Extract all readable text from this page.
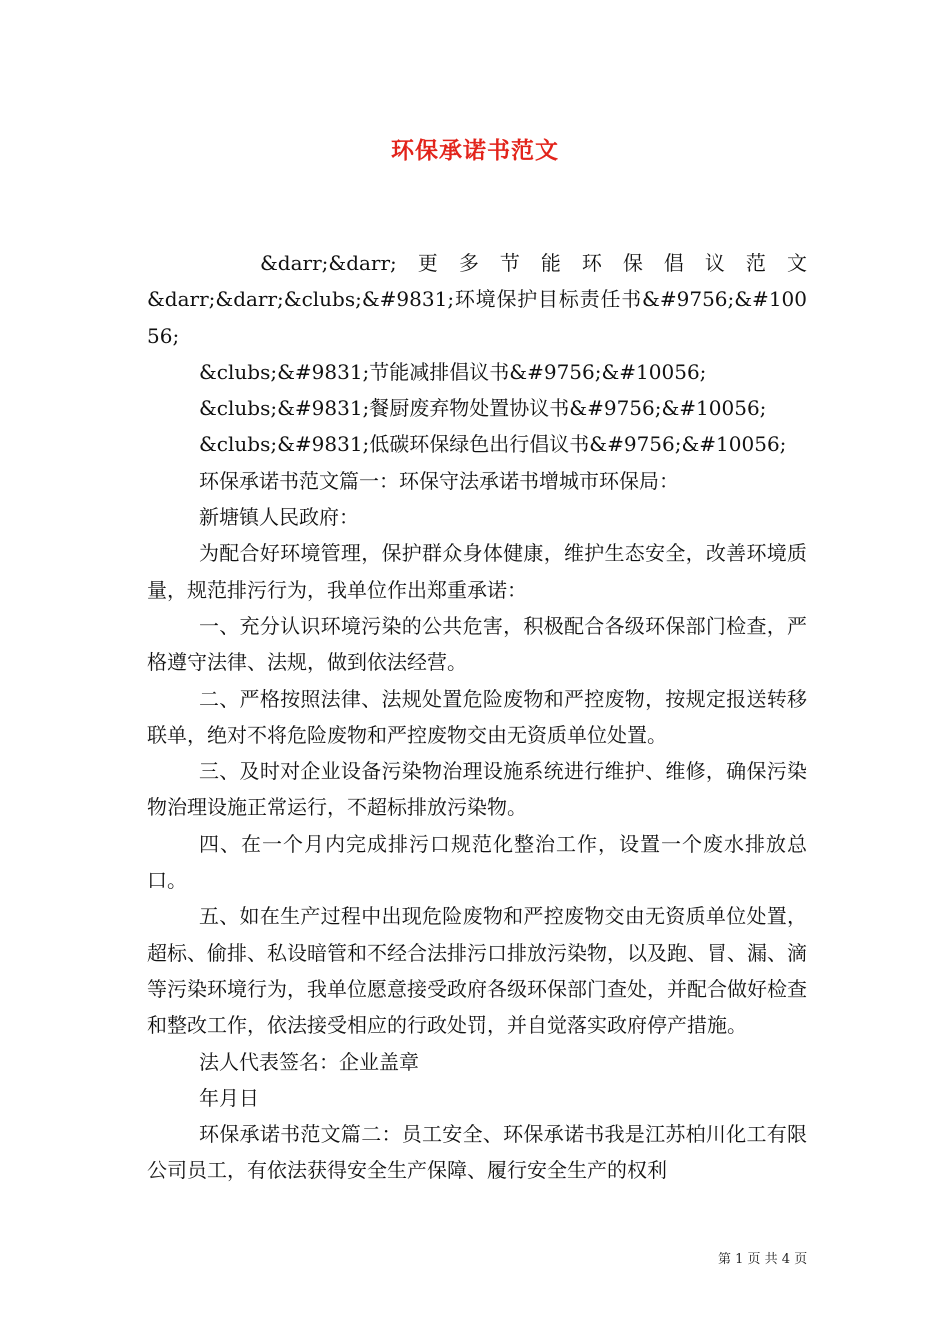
环保承诺书范文

&darr;&darr; 更 多 节 能 环 保 倡 议 范 文

&darr;&darr;&clubs;&#9831;环境保护目标责任书&#9756;&#10056;

&clubs;&#9831;节能减排倡议书&#9756;&#10056;

&clubs;&#9831;餐厨废弃物处置协议书&#9756;&#10056;

&clubs;&#9831;低碳环保绿色出行倡议书&#9756;&#10056;

环保承诺书范文篇一：环保守法承诺书增城市环保局：

新塘镇人民政府：

为配合好环境管理，保护群众身体健康，维护生态安全，改善环境质量，规范排污行为，我单位作出郑重承诺：

一、充分认识环境污染的公共危害，积极配合各级环保部门检查，严格遵守法律、法规，做到依法经营。

二、严格按照法律、法规处置危险废物和严控废物，按规定报送转移联单，绝对不将危险废物和严控废物交由无资质单位处置。

三、及时对企业设备污染物治理设施系统进行维护、维修，确保污染物治理设施正常运行，不超标排放污染物。

四、在一个月内完成排污口规范化整治工作，设置一个废水排放总口。

五、如在生产过程中出现危险废物和严控废物交由无资质单位处置，超标、偷排、私设暗管和不经合法排污口排放污染物，以及跑、冒、漏、滴等污染环境行为，我单位愿意接受政府各级环保部门查处，并配合做好检查和整改工作，依法接受相应的行政处罚，并自觉落实政府停产措施。

法人代表签名：企业盖章

年月日

环保承诺书范文篇二：员工安全、环保承诺书我是江苏柏川化工有限公司员工，有依法获得安全生产保障、履行安全生产的权利

第 1 页 共 4 页
